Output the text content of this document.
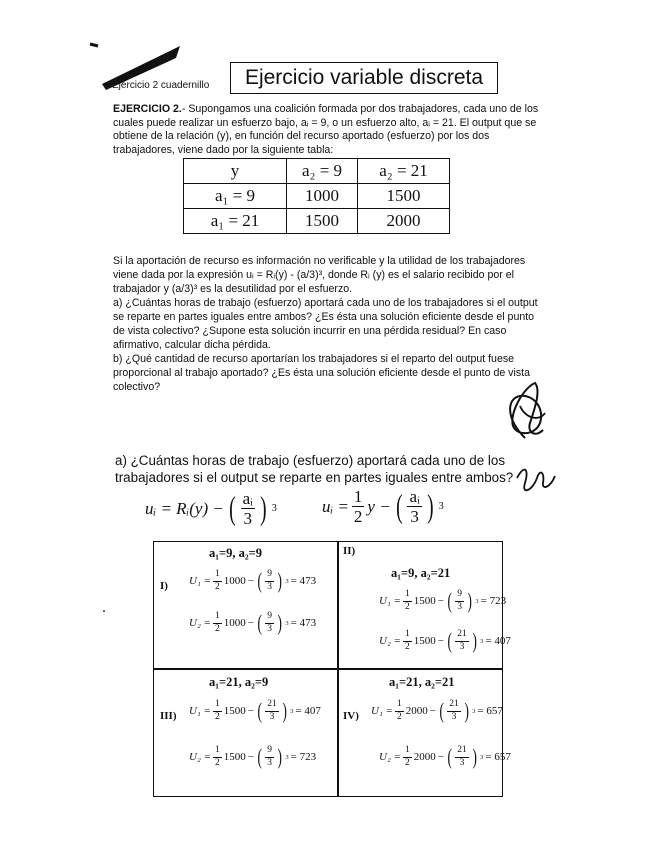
Ejercicio 2 cuadernillo	Ejercicio variable discreta
EJERCICIO 2.- Supongamos una coalición formada por dos trabajadores, cada uno de los cuales puede realizar un esfuerzo bajo, aᵢ = 9, o un esfuerzo alto, aᵢ = 21. El output que se obtiene de la relación (y), en función del recurso aportado (esfuerzo) por los dos trabajadores, viene dado por la siguiente tabla:
y	a₂ = 9	a₂ = 21
a₁ = 9	1000	1500
a₁ = 21	1500	2000

Si la aportación de recurso es información no verificable y la utilidad de los trabajadores viene dada por la expresión uᵢ = Rᵢ(y) - (a/3)³, donde Rᵢ (y) es el salario recibido por el trabajador y (a/3)³ es la desutilidad por el esfuerzo.

a) ¿Cuántas horas de trabajo (esfuerzo) aportará cada uno de los trabajadores si el output se reparte en partes iguales entre ambos? ¿Es ésta una solución eficiente desde el punto de vista colectivo? ¿Supone esta solución incurrir en una pérdida residual? En caso afirmativo, calcular dicha pérdida.

b) ¿Qué cantidad de recurso aportarían los trabajadores si el reparto del output fuese proporcional al trabajo aportado? ¿Es ésta una solución eficiente desde el punto de vista colectivo?

a) ¿Cuántas horas de trabajo (esfuerzo) aportará cada uno de los trabajadores si el output se reparte en partes iguales entre ambos?
uᵢ = Rᵢ(y) − ( $\frac{\text{aᵢ}}{3}$ ) 3	uᵢ = $\frac{1}{2}$ y − ( $\frac{\text{aᵢ}}{3}$ ) 3
a₁=9, a₂=9
I) $U_1 = \frac{1}{2} 1000$ − ( $\frac{9}{3}$ ) 3 = 473
$U_2 = \frac{1}{2} 1000$ − ( $\frac{9}{3}$ ) 3 = 473
II)
a₁=9, a₂=21
$U_1 = \frac{1}{2} 1500$ − ( $\frac{9}{3}$ ) 3 = 723
$U_2 = \frac{1}{2} 1500$ − ( $\frac{21}{3}$ ) 3 = 407
a₁=21, a₂=9
III) $U_1 = \frac{1}{2} 1500$ − ( $\frac{21}{3}$ ) 3 = 407
$U_2 = \frac{1}{2} 1500$ − ( $\frac{9}{3}$ ) 3 = 723
a₁=21, a₂=21
IV) $U_1 = \frac{1}{2} 2000$ − ( $\frac{21}{3}$ ) 3 = 657
$U_2 = \frac{1}{2} 2000$ − ( $\frac{21}{3}$ ) 3 = 657
